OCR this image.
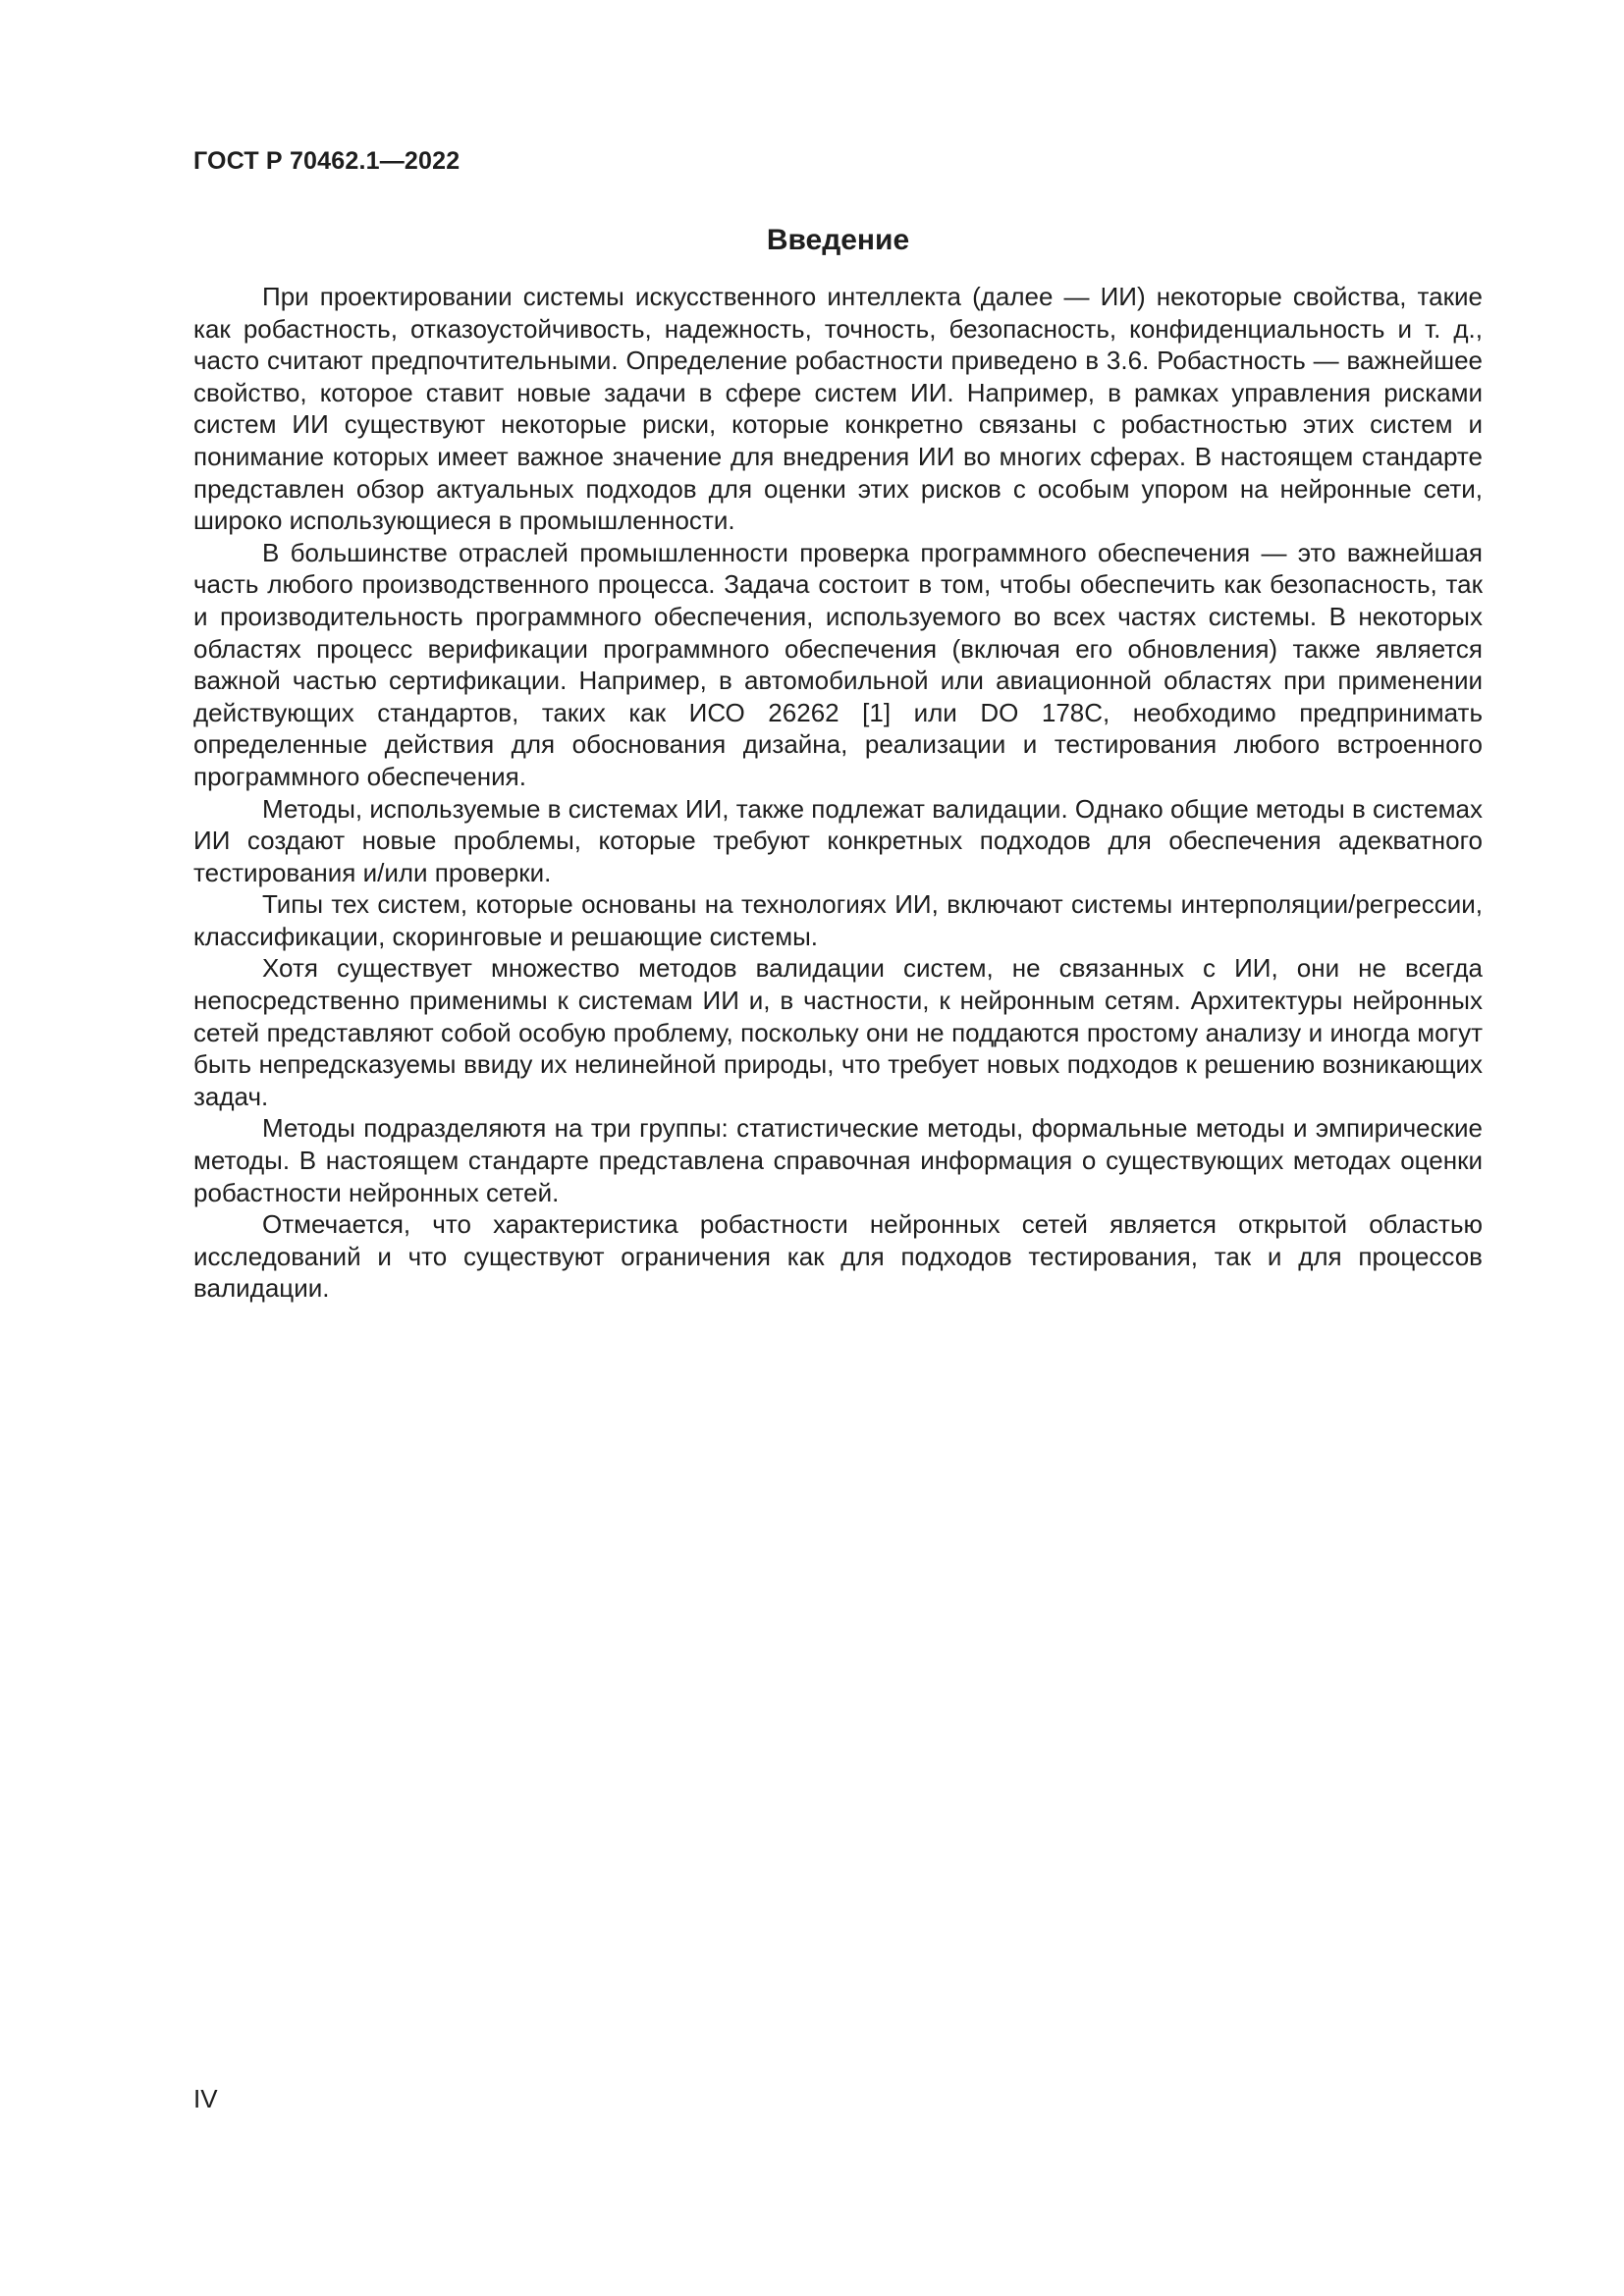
ГОСТ Р 70462.1—2022
Введение

При проектировании системы искусственного интеллекта (далее — ИИ) некоторые свойства, такие как робастность, отказоустойчивость, надежность, точность, безопасность, конфиденциальность и т. д., часто считают предпочтительными. Определение робастности приведено в 3.6. Робастность — важнейшее свойство, которое ставит новые задачи в сфере систем ИИ. Например, в рамках управления рисками систем ИИ существуют некоторые риски, которые конкретно связаны с робастностью этих систем и понимание которых имеет важное значение для внедрения ИИ во многих сферах. В настоящем стандарте представлен обзор актуальных подходов для оценки этих рисков с особым упором на нейронные сети, широко использующиеся в промышленности.

В большинстве отраслей промышленности проверка программного обеспечения — это важнейшая часть любого производственного процесса. Задача состоит в том, чтобы обеспечить как безопасность, так и производительность программного обеспечения, используемого во всех частях системы. В некоторых областях процесс верификации программного обеспечения (включая его обновления) также является важной частью сертификации. Например, в автомобильной или авиационной областях при применении действующих стандартов, таких как ИСО 26262 [1] или DO 178C, необходимо предпринимать определенные действия для обоснования дизайна, реализации и тестирования любого встроенного программного обеспечения.

Методы, используемые в системах ИИ, также подлежат валидации. Однако общие методы в системах ИИ создают новые проблемы, которые требуют конкретных подходов для обеспечения адекватного тестирования и/или проверки.

Типы тех систем, которые основаны на технологиях ИИ, включают системы интерполяции/регрессии, классификации, скоринговые и решающие системы.

Хотя существует множество методов валидации систем, не связанных с ИИ, они не всегда непосредственно применимы к системам ИИ и, в частности, к нейронным сетям. Архитектуры нейронных сетей представляют собой особую проблему, поскольку они не поддаются простому анализу и иногда могут быть непредсказуемы ввиду их нелинейной природы, что требует новых подходов к решению возникающих задач.

Методы подразделяютя на три группы: статистические методы, формальные методы и эмпирические методы. В настоящем стандарте представлена справочная информация о существующих методах оценки робастности нейронных сетей.

Отмечается, что характеристика робастности нейронных сетей является открытой областью исследований и что существуют ограничения как для подходов тестирования, так и для процессов валидации.

IV
